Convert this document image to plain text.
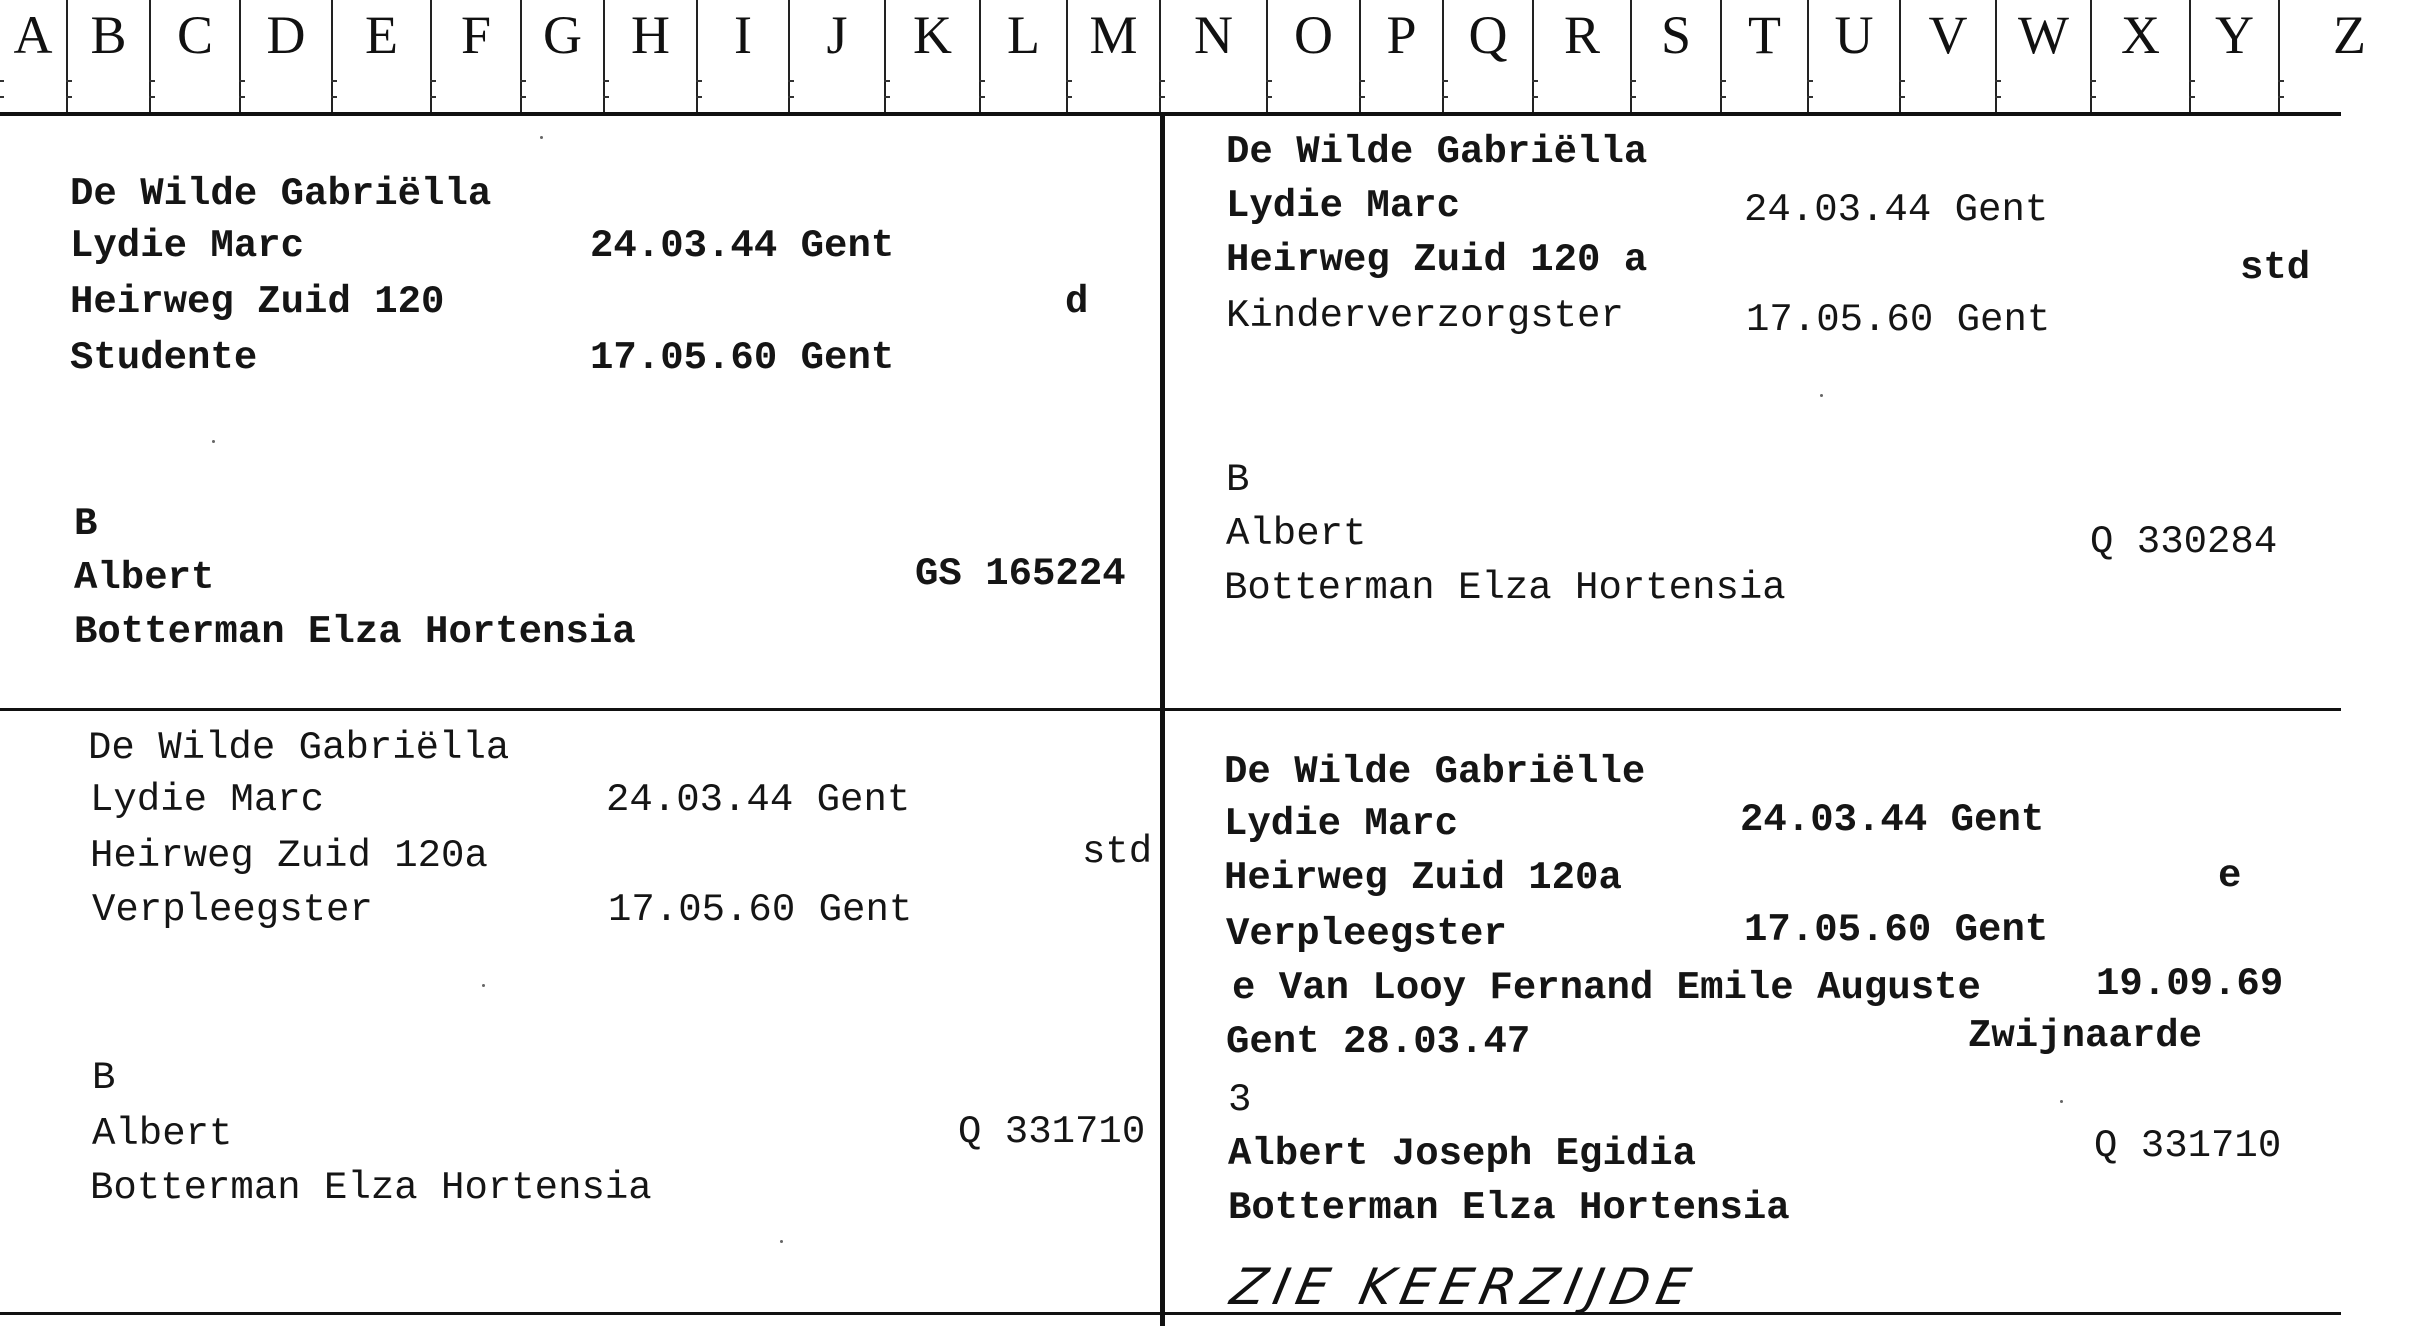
A B C D	E	F G H	I	J	K	L M	N	O P Q	R	S	T U	V W X	Y	Z
De Wilde Gabriëlla
Lydie Marc
Heirweg Zuid 120
Studente
24.03.44 Gent
17.05.60 Gent
d
B
Albert
Botterman Elza Hortensia
GS 165224
De Wilde Gabriëlla
Lydie Marc
Heirweg Zuid 120 a
Kinderverzorgster
24.03.44 Gent
17.05.60 Gent
std
B
Albert
Botterman Elza Hortensia
Q 330284
De Wilde Gabriëlla
Lydie Marc
Heirweg Zuid 120a
Verpleegster
24.03.44 Gent
17.05.60 Gent
std
B
Albert
Botterman Elza Hortensia
Q 331710
De Wilde Gabriëlle
Lydie Marc
Heirweg Zuid 120a
Verpleegster
24.03.44 Gent
17.05.60 Gent
e
e Van Looy Fernand Emile Auguste	19.09.69
Gent 28.03.47	Zwijnaarde
3
Albert Joseph Egidia
Botterman Elza Hortensia
Q 331710
ZIE KEERZIJDE
